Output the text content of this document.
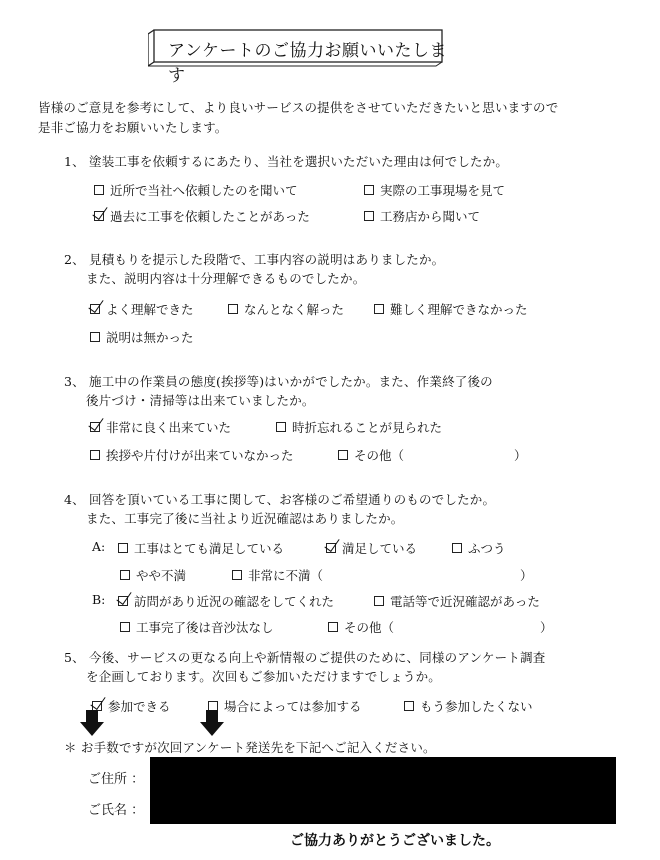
アンケートのご協力お願いいたします
皆様のご意見を参考にして、より良いサービスの提供をさせていただきたいと思いますので
是非ご協力をお願いいたします。
1、 塗装工事を依頼するにあたり、当社を選択いただいた理由は何でしたか。
近所で当社へ依頼したのを聞いて	実際の工事現場を見て
過去に工事を依頼したことがあった	工務店から聞いて
2、 見積もりを提示した段階で、工事内容の説明はありましたか。
また、説明内容は十分理解できるものでしたか。
よく理解できた	なんとなく解った	難しく理解できなかった
説明は無かった
3、 施工中の作業員の態度(挨拶等)はいかがでしたか。また、作業終了後の
後片づけ・清掃等は出来ていましたか。
非常に良く出来ていた	時折忘れることが見られた
挨拶や片付けが出来ていなかった	その他（	）
4、 回答を頂いている工事に関して、お客様のご希望通りのものでしたか。
また、工事完了後に当社より近況確認はありましたか。
A: 工事はとても満足している	満足している	ふつう
やや不満	非常に不満（	）
B: 訪問があり近況の確認をしてくれた	電話等で近況確認があった
工事完了後は音沙汰なし	その他（	）
5、 今後、サービスの更なる向上や新情報のご提供のために、同様のアンケート調査
を企画しております。次回もご参加いただけますでしょうか。
参加できる	場合によっては参加する	もう参加したくない
＊ お手数ですが次回アンケート発送先を下記へご記入ください。
ご住所 ：
ご氏名 ：
ご協力ありがとうございました。
